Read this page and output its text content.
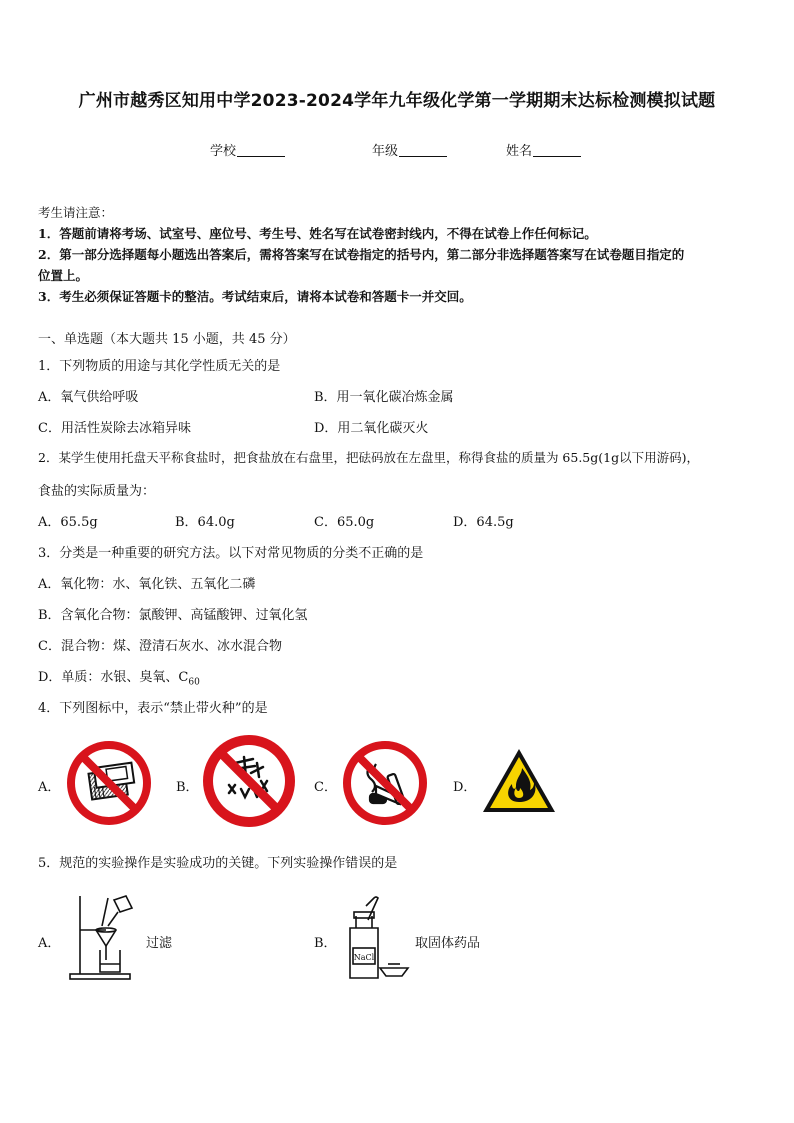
广州市越秀区知用中学2023-2024学年九年级化学第一学期期末达标检测模拟试题
学校	年级	姓名
考生请注意：
1．答题前请将考场、试室号、座位号、考生号、姓名写在试卷密封线内，不得在试卷上作任何标记。
2．第一部分选择题每小题选出答案后，需将答案写在试卷指定的括号内，第二部分非选择题答案写在试卷题目指定的
位置上。
3．考生必须保证答题卡的整洁。考试结束后，请将本试卷和答题卡一并交回。
一、单选题（本大题共 15 小题，共 45 分）
1．下列物质的用途与其化学性质无关的是
A．氧气供给呼吸	B．用一氧化碳冶炼金属
C．用活性炭除去冰箱异味	D．用二氧化碳灭火
2．某学生使用托盘天平称食盐时，把食盐放在右盘里，把砝码放在左盘里，称得食盐的质量为 65.5g(1g以下用游码)，
食盐的实际质量为：
A．65.5g	B．64.0g	C．65.0g	D．64.5g
3．分类是一种重要的研究方法。以下对常见物质的分类不正确的是
A．氧化物：水、氧化铁、五氧化二磷
B．含氧化合物：氯酸钾、高锰酸钾、过氧化氢
C．混合物：煤、澄清石灰水、冰水混合物
D．单质：水银、臭氧、$C_{60}$
4．下列图标中，表示“禁止带火种”的是
A．	B．	C．	D．
5．规范的实验操作是实验成功的关键。下列实验操作错误的是
A．	过滤	B．
NaCl
取固体药品
